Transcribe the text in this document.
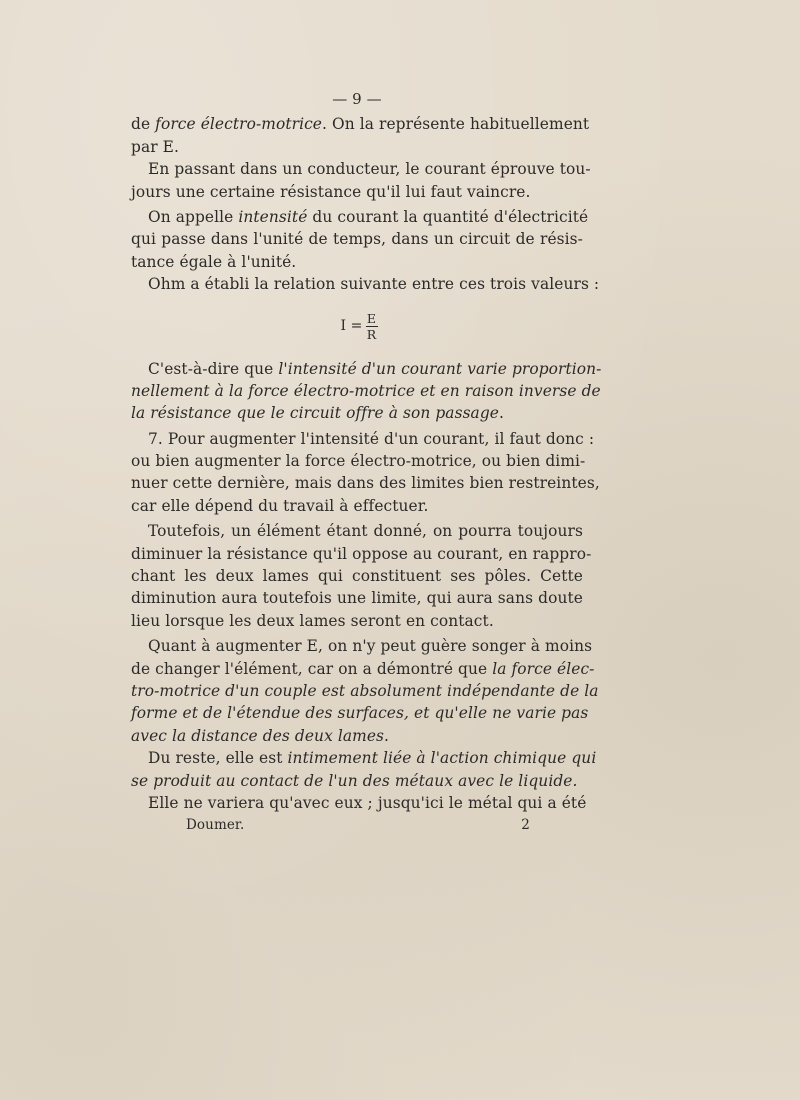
— 9 —
de force électro-motrice. On la représente habituellement
par E.
En passant dans un conducteur, le courant éprouve tou-
jours une certaine résistance qu'il lui faut vaincre.
On appelle intensité du courant la quantité d'électricité
qui passe dans l'unité de temps, dans un circuit de résis-
tance égale à l'unité.
Ohm a établi la relation suivante entre ces trois valeurs :
$I = \frac{E}{R}$
C'est-à-dire que l'intensité d'un courant varie proportion-
nellement à la force électro-motrice et en raison inverse de
la résistance que le circuit offre à son passage.
7. Pour augmenter l'intensité d'un courant, il faut donc :
ou bien augmenter la force électro-motrice, ou bien dimi-
nuer cette dernière, mais dans des limites bien restreintes,
car elle dépend du travail à effectuer.
Toutefois, un élément étant donné, on pourra toujours
diminuer la résistance qu'il oppose au courant, en rappro-
chant les deux lames qui constituent ses pôles. Cette
diminution aura toutefois une limite, qui aura sans doute
lieu lorsque les deux lames seront en contact.
Quant à augmenter E, on n'y peut guère songer à moins
de changer l'élément, car on a démontré que la force élec-
tro-motrice d'un couple est absolument indépendante de la
forme et de l'étendue des surfaces, et qu'elle ne varie pas
avec la distance des deux lames.
Du reste, elle est intimement liée à l'action chimique qui
se produit au contact de l'un des métaux avec le liquide.
Elle ne variera qu'avec eux ; jusqu'ici le métal qui a été
Doumer.	2
